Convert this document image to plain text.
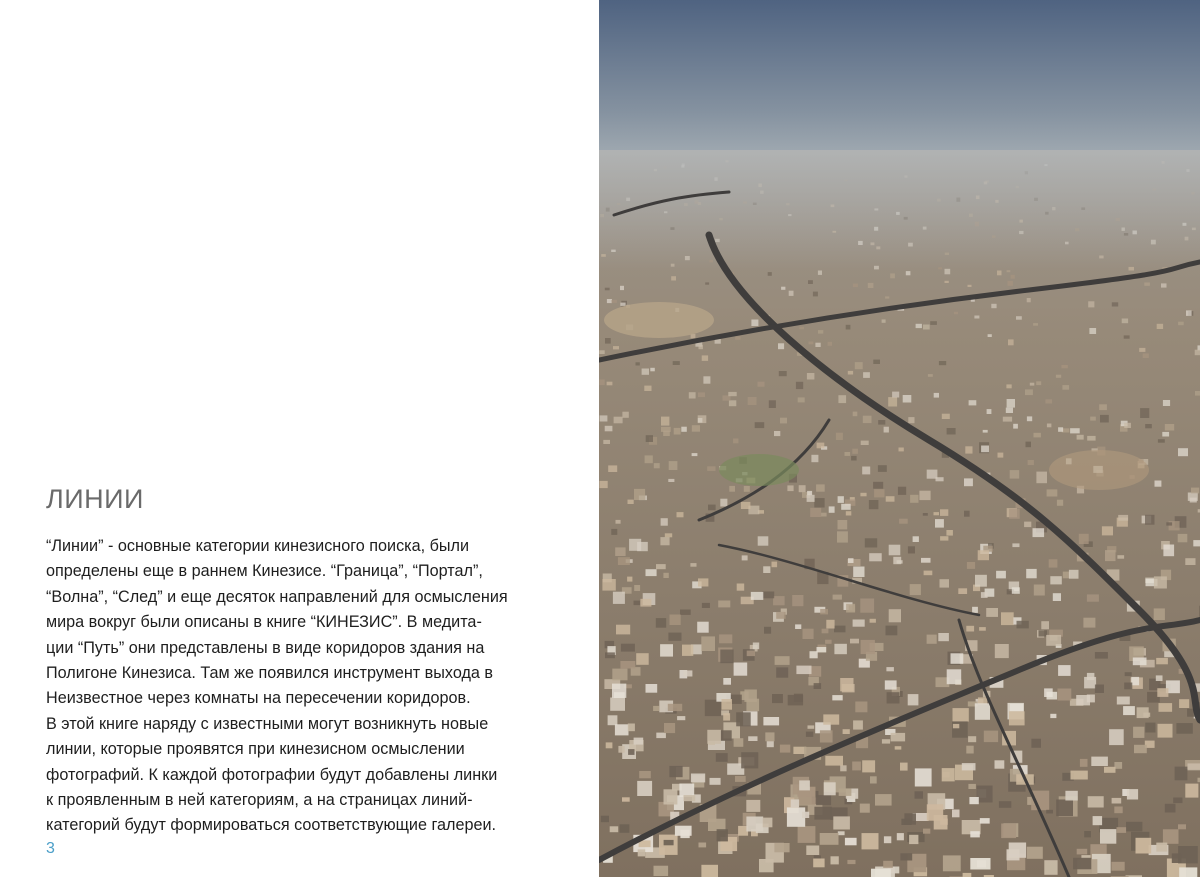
ЛИНИИ

“Линии” - основные категории кинезисного поиска, были
определены еще в раннем Кинезисе. “Граница”, “Портал”,
“Волна”, “След” и еще десяток направлений для осмысления
мира вокруг были описаны в книге “КИНЕЗИС”. В медита-
ции “Путь” они представлены в виде коридоров здания на
Полигоне Кинезиса. Там же появился инструмент выхода в
Неизвестное через комнаты на пересечении коридоров.
В этой книге наряду с известными могут возникнуть новые
линии, которые проявятся при кинезисном осмыслении
фотографий. К каждой фотографии будут добавлены линки
к проявленным в ней категориям, а на страницах линий-
категорий будут формироваться соответствующие галереи.

3
